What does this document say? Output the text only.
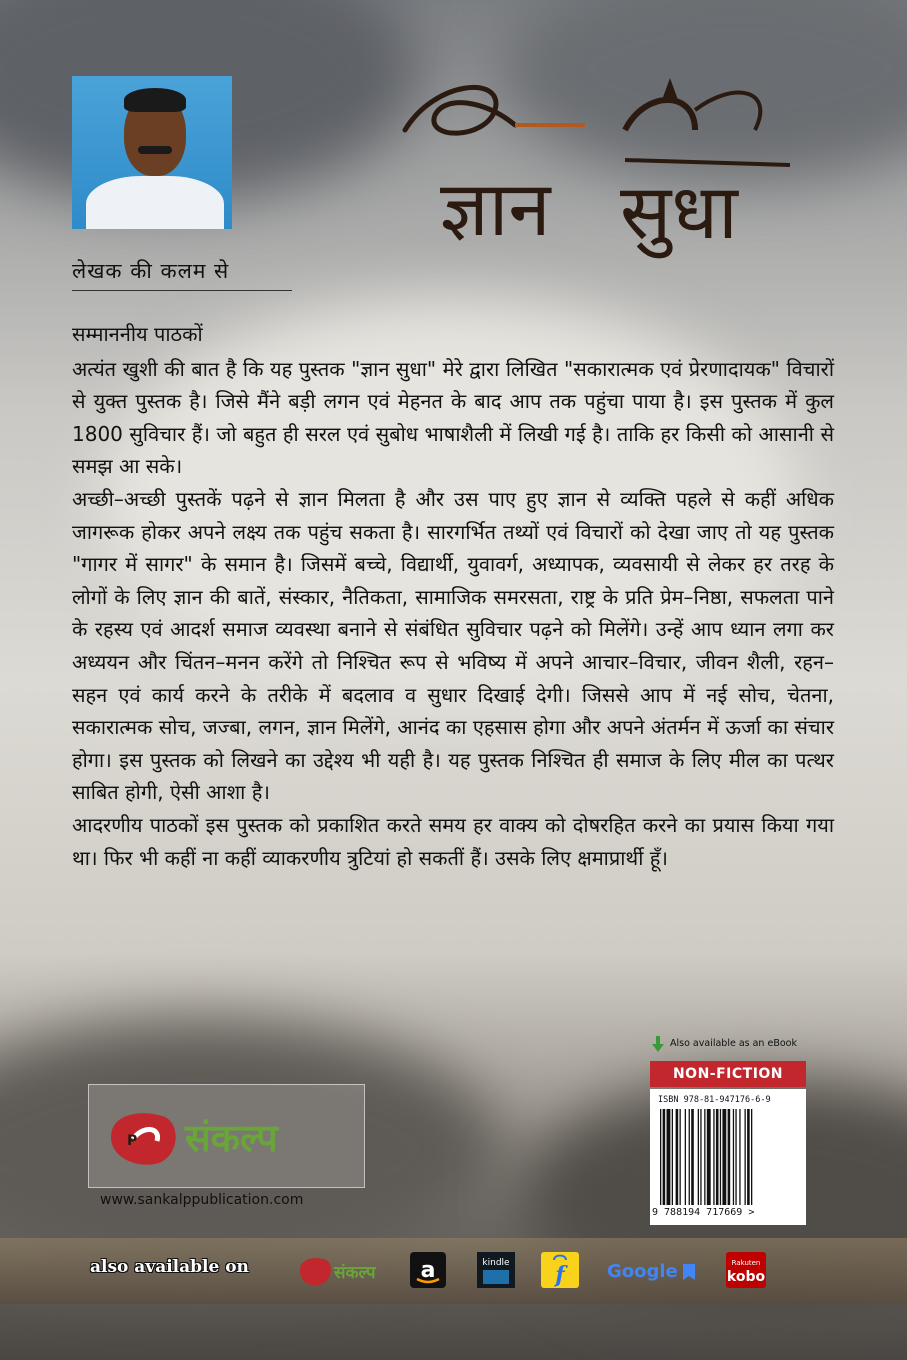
लेखक की कलम से
ज्ञान सुधा

सम्माननीय पाठकों

अत्यंत खुशी की बात है कि यह पुस्तक "ज्ञान सुधा" मेरे द्वारा लिखित "सकारात्मक एवं प्रेरणादायक" विचारों से युक्त पुस्तक है। जिसे मैंने बड़ी लगन एवं मेहनत के बाद आप तक पहुंचा पाया है। इस पुस्तक में कुल 1800 सुविचार हैं। जो बहुत ही सरल एवं सुबोध भाषाशैली में लिखी गई है। ताकि हर किसी को आसानी से समझ आ सके।

अच्छी–अच्छी पुस्तकें पढ़ने से ज्ञान मिलता है और उस पाए हुए ज्ञान से व्यक्ति पहले से कहीं अधिक जागरूक होकर अपने लक्ष्य तक पहुंच सकता है। सारगर्भित तथ्यों एवं विचारों को देखा जाए तो यह पुस्तक "गागर में सागर" के समान है। जिसमें बच्चे, विद्यार्थी, युवावर्ग, अध्यापक, व्यवसायी से लेकर हर तरह के लोगों के लिए ज्ञान की बातें, संस्कार, नैतिकता, सामाजिक समरसता, राष्ट्र के प्रति प्रेम–निष्ठा, सफलता पाने के रहस्य एवं आदर्श समाज व्यवस्था बनाने से संबंधित सुविचार पढ़ने को मिलेंगे। उन्हें आप ध्यान लगा कर अध्ययन और चिंतन–मनन करेंगे तो निश्चित रूप से भविष्य में अपने आचार–विचार, जीवन शैली, रहन–सहन एवं कार्य करने के तरीके में बदलाव व सुधार दिखाई देगी। जिससे आप में नई सोच, चेतना, सकारात्मक सोच, जज्बा, लगन, ज्ञान मिलेंगे, आनंद का एहसास होगा और अपने अंतर्मन में ऊर्जा का संचार होगा। इस पुस्तक को लिखने का उद्देश्य भी यही है। यह पुस्तक निश्चित ही समाज के लिए मील का पत्थर साबित होगी, ऐसी आशा है।

आदरणीय पाठकों इस पुस्तक को प्रकाशित करते समय हर वाक्य को दोषरहित करने का प्रयास किया गया था। फिर भी कहीं ना कहीं व्याकरणीय त्रुटियां हो सकतीं हैं। उसके लिए क्षमाप्रार्थी हूँ।

Also available as an eBook
NON-FICTION
ISBN 978-81-947176-6-9
9 788194 717669 >
P संकल्प
www.sankalppublication.com
also available on	संकल्प a	kindle f Google	Rakuten
kobo
